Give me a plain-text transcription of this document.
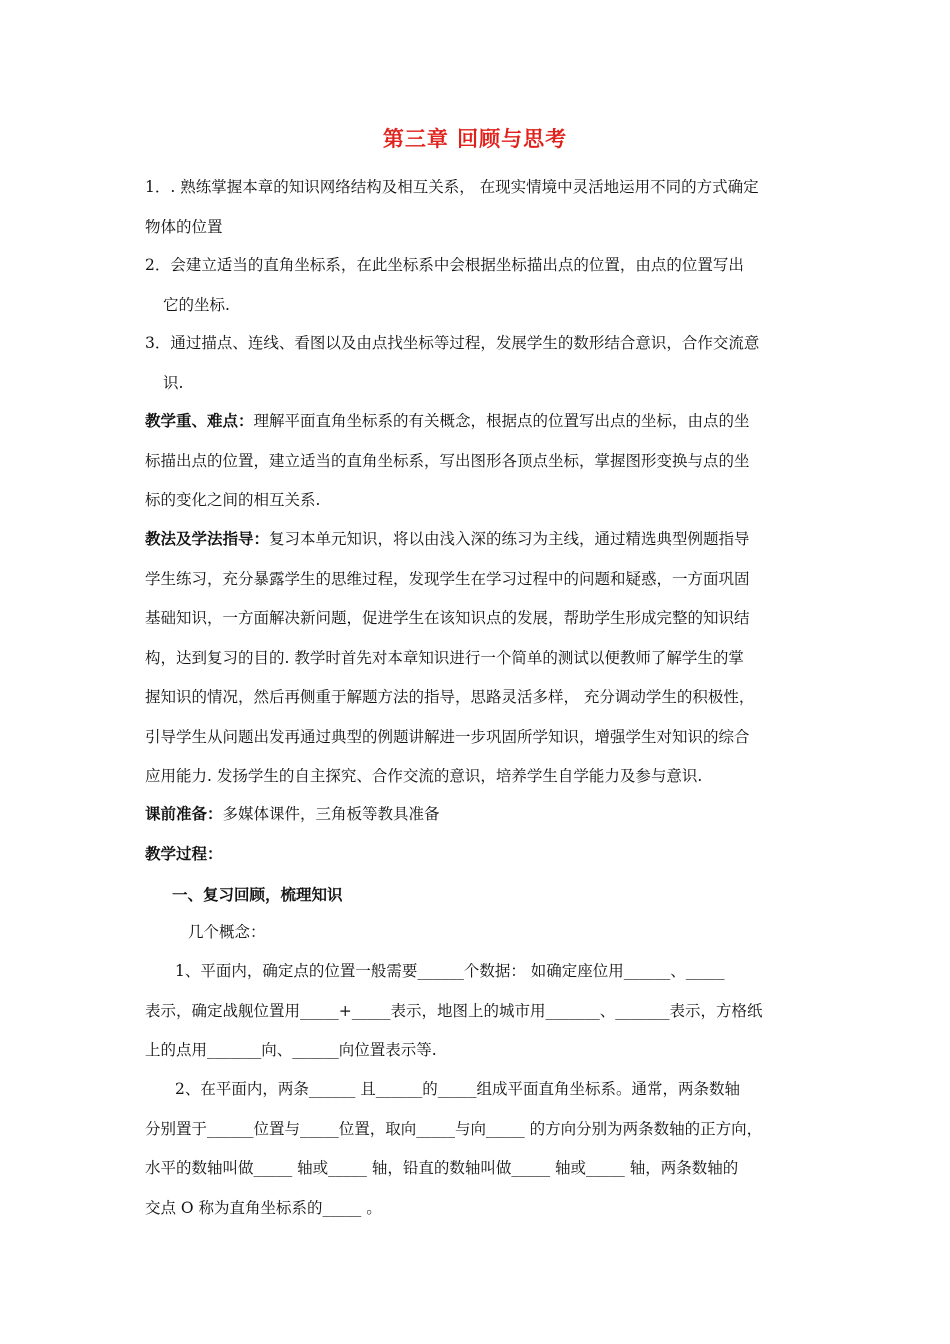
第三章 回顾与思考

1．. 熟练掌握本章的知识网络结构及相互关系， 在现实情境中灵活地运用不同的方式确定
物体的位置

2．会建立适当的直角坐标系，在此坐标系中会根据坐标描出点的位置，由点的位置写出
它的坐标.

3．通过描点、连线、看图以及由点找坐标等过程，发展学生的数形结合意识，合作交流意
识.

教学重、难点：理解平面直角坐标系的有关概念，根据点的位置写出点的坐标，由点的坐
标描出点的位置，建立适当的直角坐标系，写出图形各顶点坐标，掌握图形变换与点的坐
标的变化之间的相互关系.

教法及学法指导：复习本单元知识，将以由浅入深的练习为主线，通过精选典型例题指导
学生练习，充分暴露学生的思维过程，发现学生在学习过程中的问题和疑惑，一方面巩固
基础知识，一方面解决新问题，促进学生在该知识点的发展，帮助学生形成完整的知识结
构，达到复习的目的. 教学时首先对本章知识进行一个简单的测试以便教师了解学生的掌
握知识的情况，然后再侧重于解题方法的指导，思路灵活多样， 充分调动学生的积极性，
引导学生从问题出发再通过典型的例题讲解进一步巩固所学知识，增强学生对知识的综合
应用能力. 发扬学生的自主探究、合作交流的意识，培养学生自学能力及参与意识.

课前准备：多媒体课件，三角板等教具准备

教学过程：

一、复习回顾，梳理知识

几个概念：

1、平面内，确定点的位置一般需要______个数据： 如确定座位用______、_____
表示，确定战舰位置用_____+_____表示，地图上的城市用_______、_______表示，方格纸
上的点用_______向、______向位置表示等.

2、在平面内，两条______ 且______的_____组成平面直角坐标系。通常，两条数轴
分别置于______位置与_____位置，取向_____与向_____ 的方向分别为两条数轴的正方向，
水平的数轴叫做_____ 轴或_____ 轴，铅直的数轴叫做_____ 轴或_____ 轴，两条数轴的
交点 O 称为直角坐标系的_____ 。
